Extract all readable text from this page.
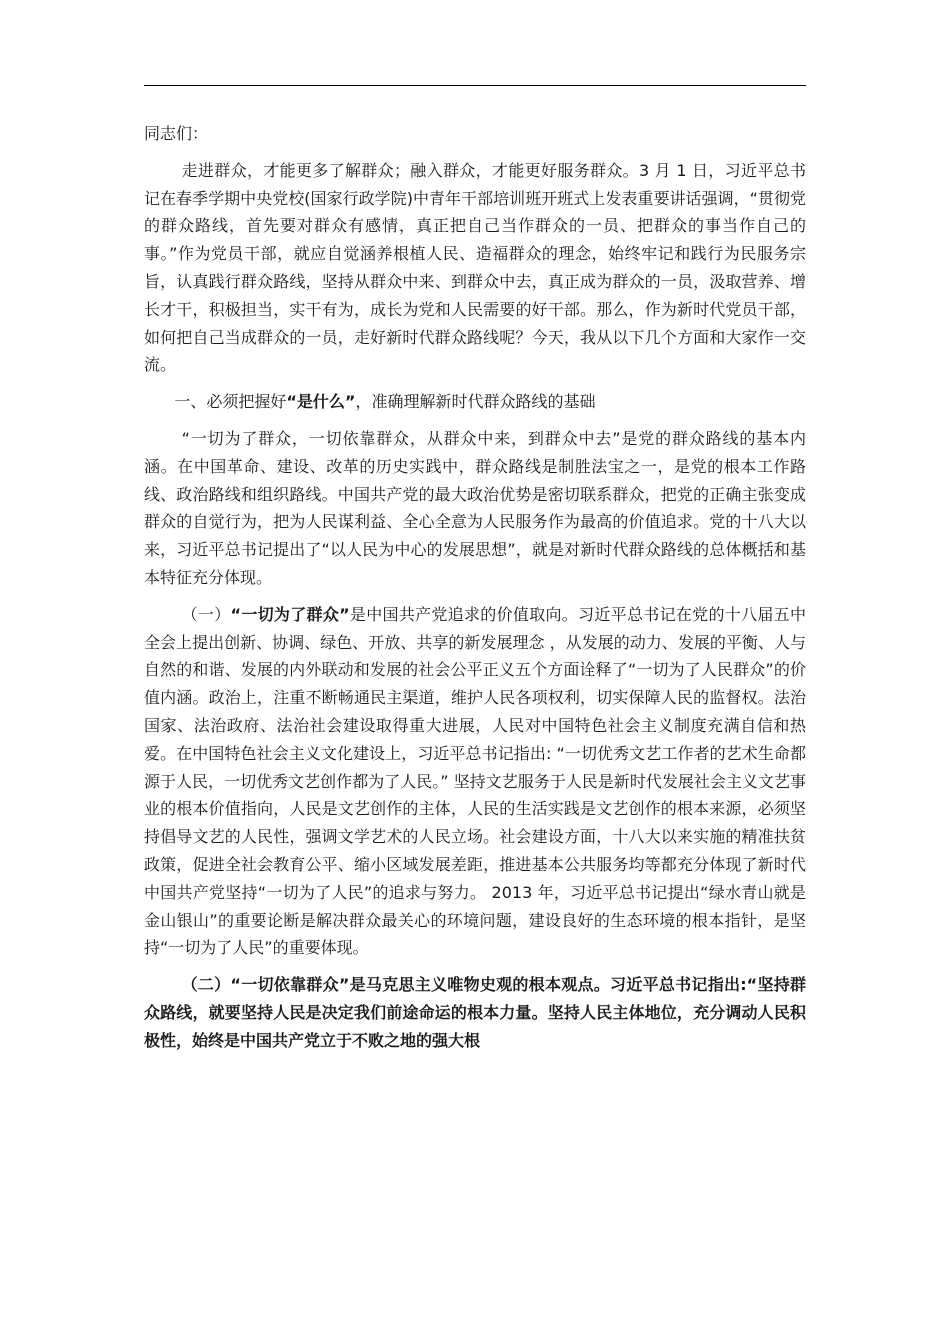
同志们：

走进群众，才能更多了解群众；融入群众，才能更好服务群众。3 月 1 日，习近平总书记在春季学期中央党校(国家行政学院)中青年干部培训班开班式上发表重要讲话强调，“贯彻党的群众路线，首先要对群众有感情，真正把自己当作群众的一员、把群众的事当作自己的事。”作为党员干部，就应自觉涵养根植人民、造福群众的理念，始终牢记和践行为民服务宗旨，认真践行群众路线，坚持从群众中来、到群众中去，真正成为群众的一员，汲取营养、增长才干，积极担当，实干有为，成长为党和人民需要的好干部。那么，作为新时代党员干部，如何把自己当成群众的一员，走好新时代群众路线呢？今天，我从以下几个方面和大家作一交流。

一、必须把握好“是什么”，准确理解新时代群众路线的基础

“一切为了群众，一切依靠群众，从群众中来，到群众中去”是党的群众路线的基本内涵。在中国革命、建设、改革的历史实践中，群众路线是制胜法宝之一，是党的根本工作路线、政治路线和组织路线。中国共产党的最大政治优势是密切联系群众，把党的正确主张变成群众的自觉行为，把为人民谋利益、全心全意为人民服务作为最高的价值追求。党的十八大以来，习近平总书记提出了“以人民为中心的发展思想”，就是对新时代群众路线的总体概括和基本特征充分体现。

（一）“一切为了群众”是中国共产党追求的价值取向。习近平总书记在党的十八届五中全会上提出创新、协调、绿色、开放、共享的新发展理念 ，从发展的动力、发展的平衡、人与自然的和谐、发展的内外联动和发展的社会公平正义五个方面诠释了“一切为了人民群众”的价值内涵。政治上，注重不断畅通民主渠道，维护人民各项权利，切实保障人民的监督权。法治国家、法治政府、法治社会建设取得重大进展，人民对中国特色社会主义制度充满自信和热爱。在中国特色社会主义文化建设上，习近平总书记指出: “一切优秀文艺工作者的艺术生命都源于人民，一切优秀文艺创作都为了人民。” 坚持文艺服务于人民是新时代发展社会主义文艺事业的根本价值指向，人民是文艺创作的主体，人民的生活实践是文艺创作的根本来源，必须坚持倡导文艺的人民性，强调文学艺术的人民立场。社会建设方面，十八大以来实施的精准扶贫政策，促进全社会教育公平、缩小区域发展差距，推进基本公共服务均等都充分体现了新时代中国共产党坚持“一切为了人民”的追求与努力。 2013 年，习近平总书记提出“绿水青山就是金山银山”的重要论断是解决群众最关心的环境问题，建设良好的生态环境的根本指针，是坚持“一切为了人民”的重要体现。

（二）“一切依靠群众”是马克思主义唯物史观的根本观点。习近平总书记指出:“坚持群众路线，就要坚持人民是决定我们前途命运的根本力量。坚持人民主体地位，充分调动人民积极性，始终是中国共产党立于不败之地的强大根
